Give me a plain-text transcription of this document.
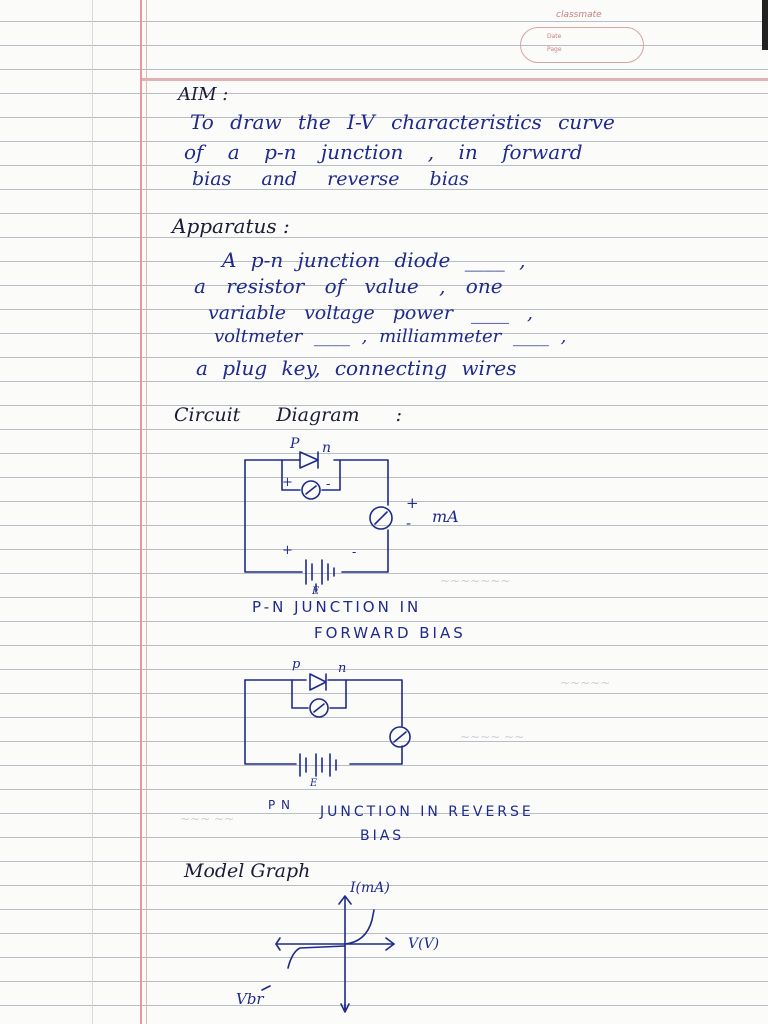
classmate
Date
Page
AIM :
To draw the I-V characteristics curve
of a p-n junction , in forward
bias and reverse bias
Apparatus :
A p-n junction diode ____ ,
a resistor of value , one
variable voltage power ____ ,
voltmeter ____ , milliammeter ____ ,
a plug key, connecting wires
Circuit Diagram :
~~~~~~~
~~~~~
~~~~ ~~
~~~ ~~
P n
+	-
+
- mA
+	-
E
p	n
E
I(mA)
V(V)
Vbr
P-N JUNCTION IN
FORWARD BIAS
P N JUNCTION IN REVERSE
BIAS
Model Graph
